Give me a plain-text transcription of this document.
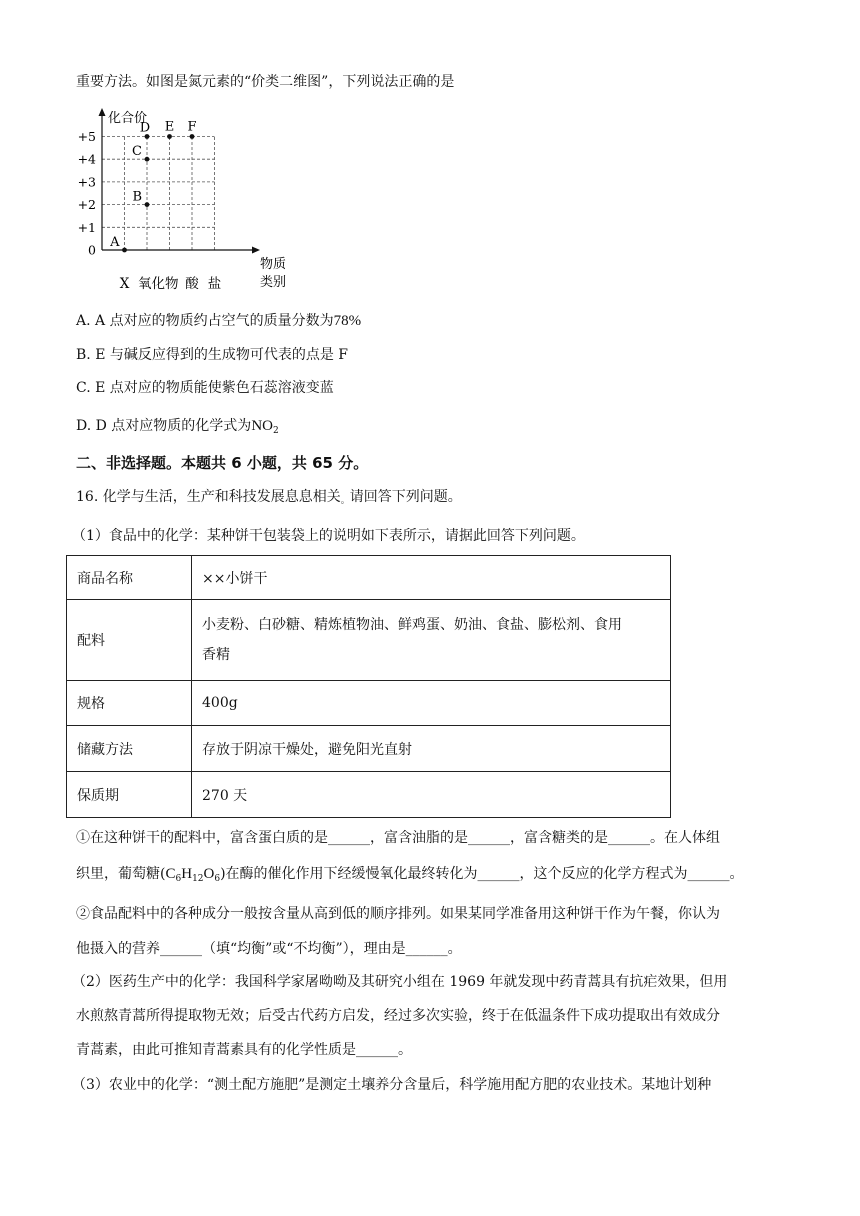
重要方法。如图是氮元素的“价类二维图”，下列说法正确的是
+5
+4
+3
+2
+1
0
X 氧化物 酸 盐
A
B
C
D E F
化合价
物质
类别
A. A 点对应的物质约占空气的质量分数为78%
B. E 与碱反应得到的生成物可代表的点是 F
C. E 点对应的物质能使紫色石蕊溶液变蓝
D. D 点对应物质的化学式为$NO_2$
二、非选择题。本题共 6 小题，共 65 分。
16. 化学与生活，生产和科技发展息息相关。请回答下列问题。
（1）食品中的化学：某种饼干包装袋上的说明如下表所示，请据此回答下列问题。
商品名称	××小饼干
配料	小麦粉、白砂糖、精炼植物油、鲜鸡蛋、奶油、食盐、膨松剂、食用
香精

规格	400g
储藏方法	存放于阴凉干燥处，避免阳光直射
保质期	270 天
①在这种饼干的配料中，富含蛋白质的是______，富含油脂的是______，富含糖类的是______。在人体组
织里，葡萄糖$(C_6H_{12}O_6)$在酶的催化作用下经缓慢氧化最终转化为______，这个反应的化学方程式为______。
②食品配料中的各种成分一般按含量从高到低的顺序排列。如果某同学准备用这种饼干作为午餐，你认为
他摄入的营养______（填“均衡”或“不均衡”），理由是______。
（2）医药生产中的化学：我国科学家屠呦呦及其研究小组在 1969 年就发现中药青蒿具有抗疟效果，但用
水煎熬青蒿所得提取物无效；后受古代药方启发，经过多次实验，终于在低温条件下成功提取出有效成分
青蒿素，由此可推知青蒿素具有的化学性质是______。
（3）农业中的化学：“测土配方施肥”是测定土壤养分含量后，科学施用配方肥的农业技术。某地计划种
